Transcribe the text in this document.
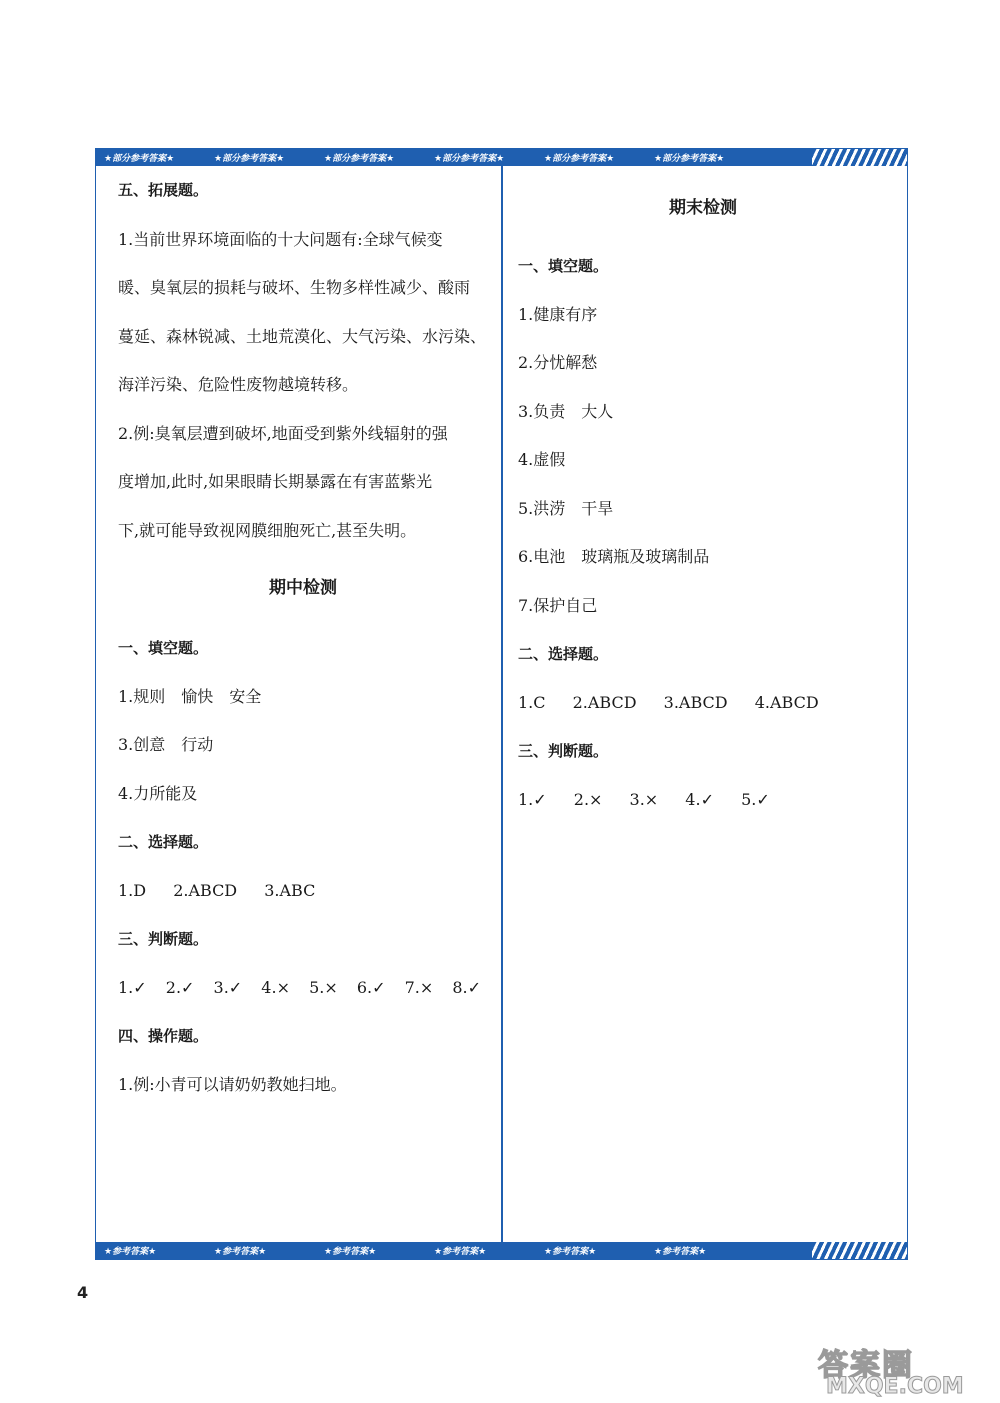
★部分参考答案★	★部分参考答案★	★部分参考答案★	★部分参考答案★	★部分参考答案★	★部分参考答案★
五、拓展题。
1.当前世界环境面临的十大问题有:全球气候变
暖、臭氧层的损耗与破坏、生物多样性减少、酸雨
蔓延、森林锐减、土地荒漠化、大气污染、水污染、
海洋污染、危险性废物越境转移。
2.例:臭氧层遭到破坏,地面受到紫外线辐射的强
度增加,此时,如果眼睛长期暴露在有害蓝紫光
下,就可能导致视网膜细胞死亡,甚至失明。
期中检测
一、填空题。
1.规则　愉快　安全
3.创意　行动
4.力所能及
二、选择题。
1.D 2.ABCD 3.ABC
三、判断题。
1.✓ 2.✓ 3.✓ 4.× 5.× 6.✓ 7.× 8.✓
四、操作题。
1.例:小青可以请奶奶教她扫地。
期末检测
一、填空题。
1.健康有序
2.分忧解愁
3.负责　大人
4.虚假
5.洪涝　干旱
6.电池　玻璃瓶及玻璃制品
7.保护自己
二、选择题。
1.C 2.ABCD 3.ABCD 4.ABCD
三、判断题。
1.✓ 2.× 3.× 4.✓ 5.✓
★参考答案★	★参考答案★	★参考答案★	★参考答案★	★参考答案★	★参考答案★
4
答案圈
MXQE.COM
